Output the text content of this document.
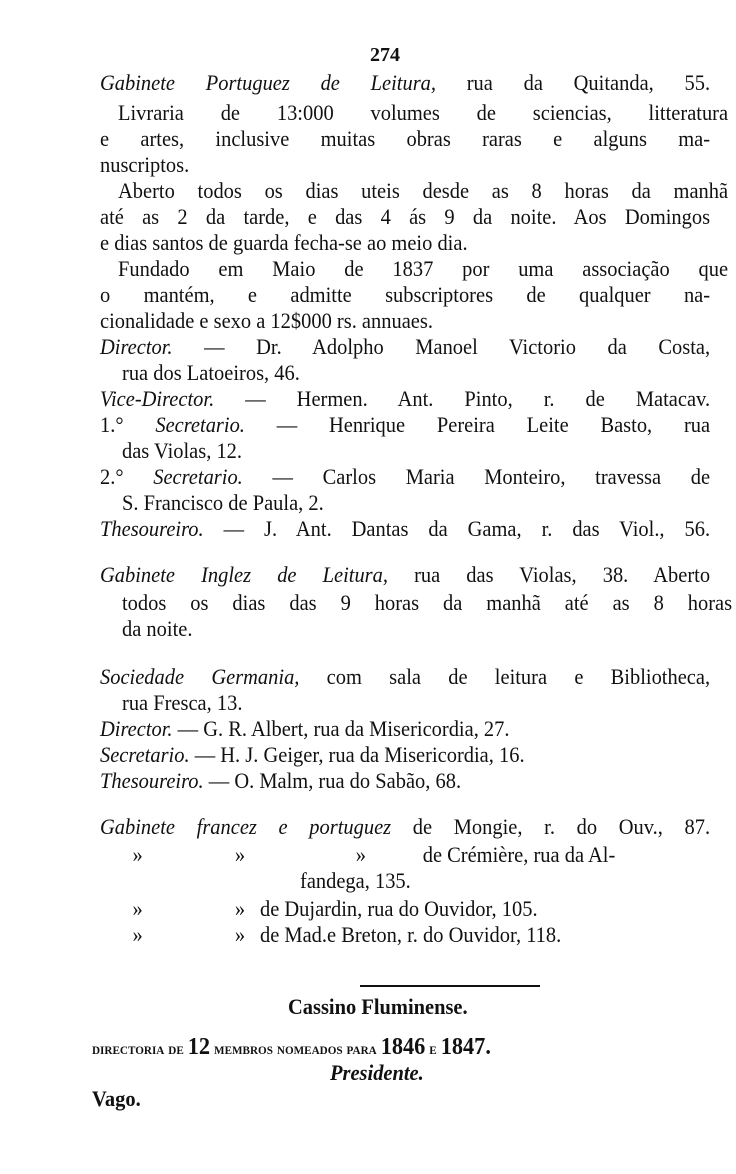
274
Gabinete Portuguez de Leitura, rua da Quitanda, 55.
Livraria de 13:000 volumes de sciencias, litteratura
e artes, inclusive muitas obras raras e alguns ma-
nuscriptos.
Aberto todos os dias uteis desde as 8 horas da manhã
até as 2 da tarde, e das 4 ás 9 da noite. Aos Domingos
e dias santos de guarda fecha-se ao meio dia.
Fundado em Maio de 1837 por uma associação que
o mantém, e admitte subscriptores de qualquer na-
cionalidade e sexo a 12$000 rs. annuaes.
Director. — Dr. Adolpho Manoel Victorio da Costa,
rua dos Latoeiros, 46.
Vice-Director. — Hermen. Ant. Pinto, r. de Matacav.
1.° Secretario. — Henrique Pereira Leite Basto, rua
das Violas, 12.
2.° Secretario. — Carlos Maria Monteiro, travessa de
S. Francisco de Paula, 2.
Thesoureiro. — J. Ant. Dantas da Gama, r. das Viol., 56.
Gabinete Inglez de Leitura, rua das Violas, 38. Aberto
todos os dias das 9 horas da manhã até as 8 horas
da noite.
Sociedade Germania, com sala de leitura e Bibliotheca,
rua Fresca, 13.
Director. — G. R. Albert, rua da Misericordia, 27.
Secretario. — H. J. Geiger, rua da Misericordia, 16.
Thesoureiro. — O. Malm, rua do Sabão, 68.
Gabinete francez e portuguez de Mongie, r. do Ouv., 87.
»	»	»	de Crémière, rua da Al-
fandega, 135.
»	» de Dujardin, rua do Ouvidor, 105.
»	» de Mad.e Breton, r. do Ouvidor, 118.
Cassino Fluminense.
directoria de 12 membros nomeados para 1846 e 1847.
Presidente.
Vago.
